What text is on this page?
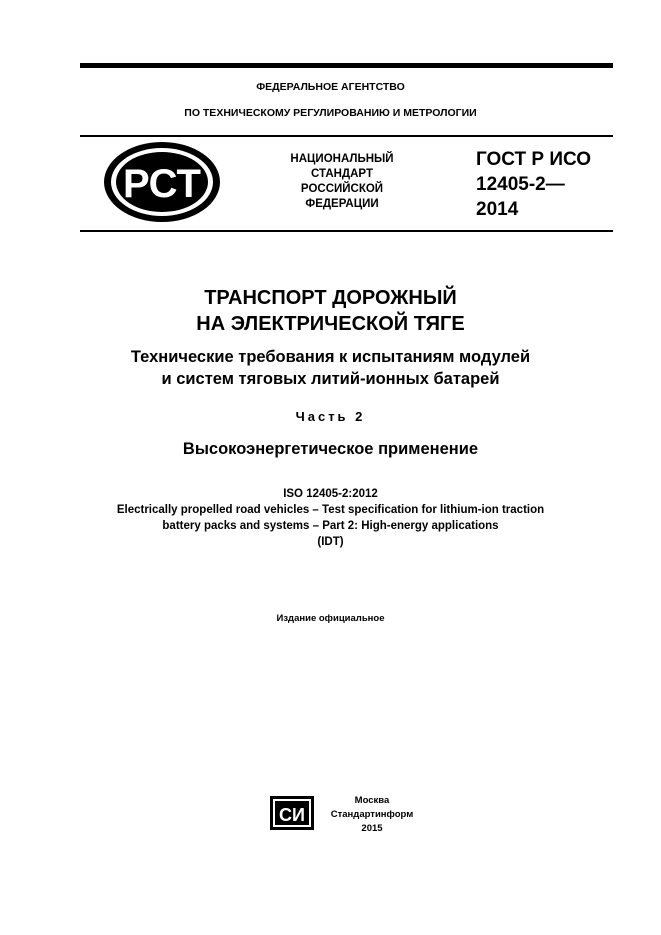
ФЕДЕРАЛЬНОЕ АГЕНТСТВО
ПО ТЕХНИЧЕСКОМУ РЕГУЛИРОВАНИЮ И МЕТРОЛОГИИ
РСТ
НАЦИОНАЛЬНЫЙ
СТАНДАРТ
РОССИЙСКОЙ
ФЕДЕРАЦИИ
ГОСТ Р ИСО
12405-2—
2014
ТРАНСПОРТ ДОРОЖНЫЙ
НА ЭЛЕКТРИЧЕСКОЙ ТЯГЕ
Технические требования к испытаниям модулей
и систем тяговых литий-ионных батарей
Часть 2
Высокоэнергетическое применение
ISO 12405-2:2012
Electrically propelled road vehicles – Test specification for lithium-ion traction
battery packs and systems – Part 2: High-energy applications
(IDT)
Издание официальное
СИ
Москва
Стандартинформ
2015
